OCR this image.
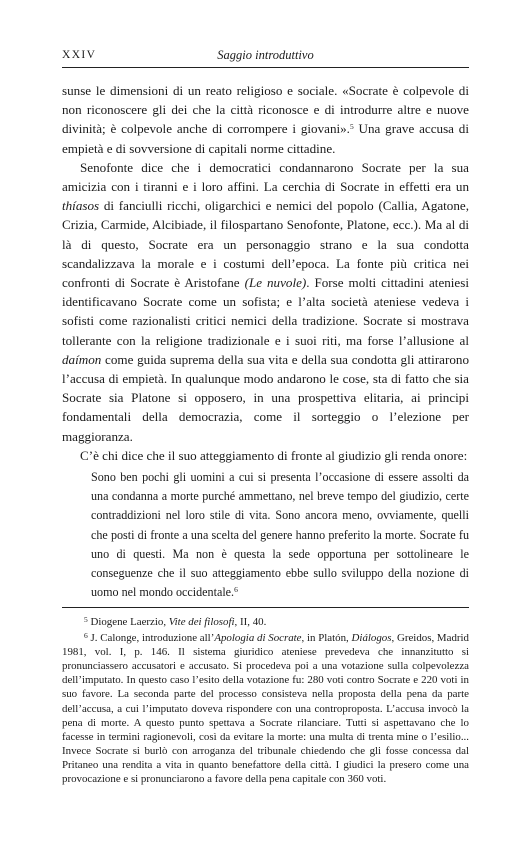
XXIV	Saggio introduttivo

sunse le dimensioni di un reato religioso e sociale. «Socrate è colpevole di non riconoscere gli dei che la città riconosce e di introdurre altre e nuove divinità; è colpevole anche di corrompere i giovani».$^5$ Una grave accusa di empietà e di sovversione di capitali norme cittadine.

Senofonte dice che i democratici condannarono Socrate per la sua amicizia con i tiranni e i loro affini. La cerchia di Socrate in effetti era un thíasos di fanciulli ricchi, oligarchici e nemici del popolo (Callia, Agatone, Crizia, Carmide, Alcibiade, il filospartano Senofonte, Platone, ecc.). Ma al di là di questo, Socrate era un personaggio strano e la sua condotta scandalizzava la morale e i costumi dell’epoca. La fonte più critica nei confronti di Socrate è Aristofane (Le nuvole). Forse molti cittadini ateniesi identificavano Socrate come un sofista; e l’alta società ateniese vedeva i sofisti come razionalisti critici nemici della tradizione. Socrate si mostrava tollerante con la religione tradizionale e i suoi riti, ma forse l’allusione al daímon come guida suprema della sua vita e della sua condotta gli attirarono l’accusa di empietà. In qualunque modo andarono le cose, sta di fatto che sia Socrate sia Platone si opposero, in una prospettiva elitaria, ai principi fondamentali della democrazia, come il sorteggio o l’elezione per maggioranza.

C’è chi dice che il suo atteggiamento di fronte al giudizio gli renda onore:

Sono ben pochi gli uomini a cui si presenta l’occasione di essere assolti da una condanna a morte purché ammettano, nel breve tempo del giudizio, certe contraddizioni nel loro stile di vita. Sono ancora meno, ovviamente, quelli che posti di fronte a una scelta del genere hanno preferito la morte. Socrate fu uno di questi. Ma non è questa la sede opportuna per sottolineare le conseguenze che il suo atteggiamento ebbe sullo sviluppo della nozione di uomo nel mondo occidentale.$^6$

$^5$ Diogene Laerzio, Vite dei filosofi, II, 40.

$^6$ J. Calonge, introduzione all’Apologia di Socrate, in Platón, Diálogos, Greidos, Madrid 1981, vol. I, p. 146. Il sistema giuridico ateniese prevedeva che innanzitutto si pronunciassero accusatori e accusato. Si procedeva poi a una votazione sulla colpevolezza dell’imputato. In questo caso l’esito della votazione fu: 280 voti contro Socrate e 220 voti in suo favore. La seconda parte del processo consisteva nella proposta della pena da parte dell’accusa, a cui l’imputato doveva rispondere con una controproposta. L’accusa invocò la pena di morte. A questo punto spettava a Socrate rilanciare. Tutti si aspettavano che lo facesse in termini ragionevoli, così da evitare la morte: una multa di trenta mine o l’esilio... Invece Socrate si burlò con arroganza del tribunale chiedendo che gli fosse concessa dal Pritaneo una rendita a vita in quanto benefattore della città. I giudici la presero come una provocazione e si pronunciarono a favore della pena capitale con 360 voti.
